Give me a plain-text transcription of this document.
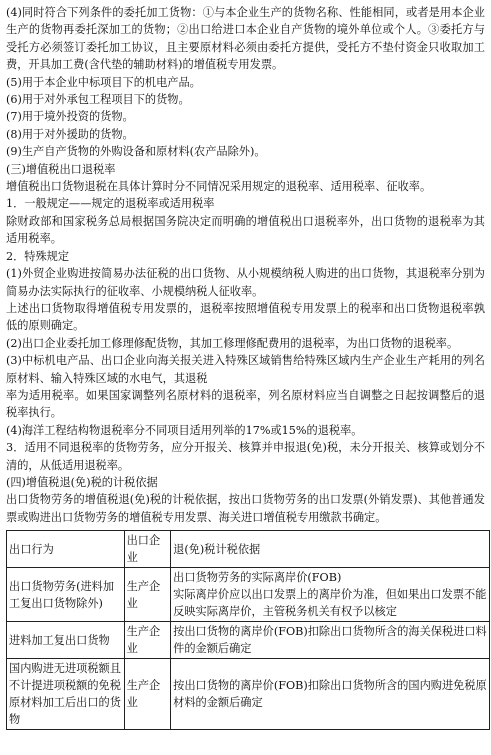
(4)同时符合下列条件的委托加工货物：①与本企业生产的货物名称、性能相同，或者是用本企业生产的货物再委托深加工的货物；②出口给进口本企业自产货物的境外单位或个人。③委托方与受托方必须签订委托加工协议，且主要原材料必须由委托方提供，受托方不垫付资金只收取加工费，开具加工费(含代垫的辅助材料)的增值税专用发票。

(5)用于本企业中标项目下的机电产品。

(6)用于对外承包工程项目下的货物。

(7)用于境外投资的货物。

(8)用于对外援助的货物。

(9)生产自产货物的外购设备和原材料(农产品除外)。

(三)增值税出口退税率

增值税出口货物退税在具体计算时分不同情况采用规定的退税率、适用税率、征收率。

1．一般规定——规定的退税率或适用税率

除财政部和国家税务总局根据国务院决定而明确的增值税出口退税率外，出口货物的退税率为其适用税率。

2．特殊规定

(1)外贸企业购进按简易办法征税的出口货物、从小规模纳税人购进的出口货物，其退税率分别为简易办法实际执行的征收率、小规模纳税人征收率。

上述出口货物取得增值税专用发票的，退税率按照增值税专用发票上的税率和出口货物退税率孰低的原则确定。

(2)出口企业委托加工修理修配货物，其加工修理修配费用的退税率，为出口货物的退税率。

(3)中标机电产品、出口企业向海关报关进入特殊区域销售给特殊区域内生产企业生产耗用的列名原材料、输入特殊区域的水电气，其退税

率为适用税率。如果国家调整列名原材料的退税率，列名原材料应当自调整之日起按调整后的退税率执行。

(4)海洋工程结构物退税率分不同项目适用列举的17%或15%的退税率。

3．适用不同退税率的货物劳务，应分开报关、核算并申报退(免)税，未分开报关、核算或划分不清的，从低适用退税率。

(四)增值税退(免)税的计税依据

出口货物劳务的增值税退(免)税的计税依据，按出口货物劳务的出口发票(外销发票)、其他普通发票或购进出口货物劳务的增值税专用发票、海关进口增值税专用缴款书确定。

出口行为	出口企业	退(免)税计税依据
出口货物劳务(进料加工复出口货物除外)	生产企业	出口货物劳务的实际离岸价(FOB)
实际离岸价应以出口发票上的离岸价为准，但如果出口发票不能反映实际离岸价，主管税务机关有权予以核定
进料加工复出口货物	生产企业	按出口货物的离岸价(FOB)扣除出口货物所含的海关保税进口料件的金额后确定
国内购进无进项税额且不计提进项税额的免税原材料加工后出口的货物	生产企业	按出口货物的离岸价(FOB)扣除出口货物所含的国内购进免税原材料的金额后确定
